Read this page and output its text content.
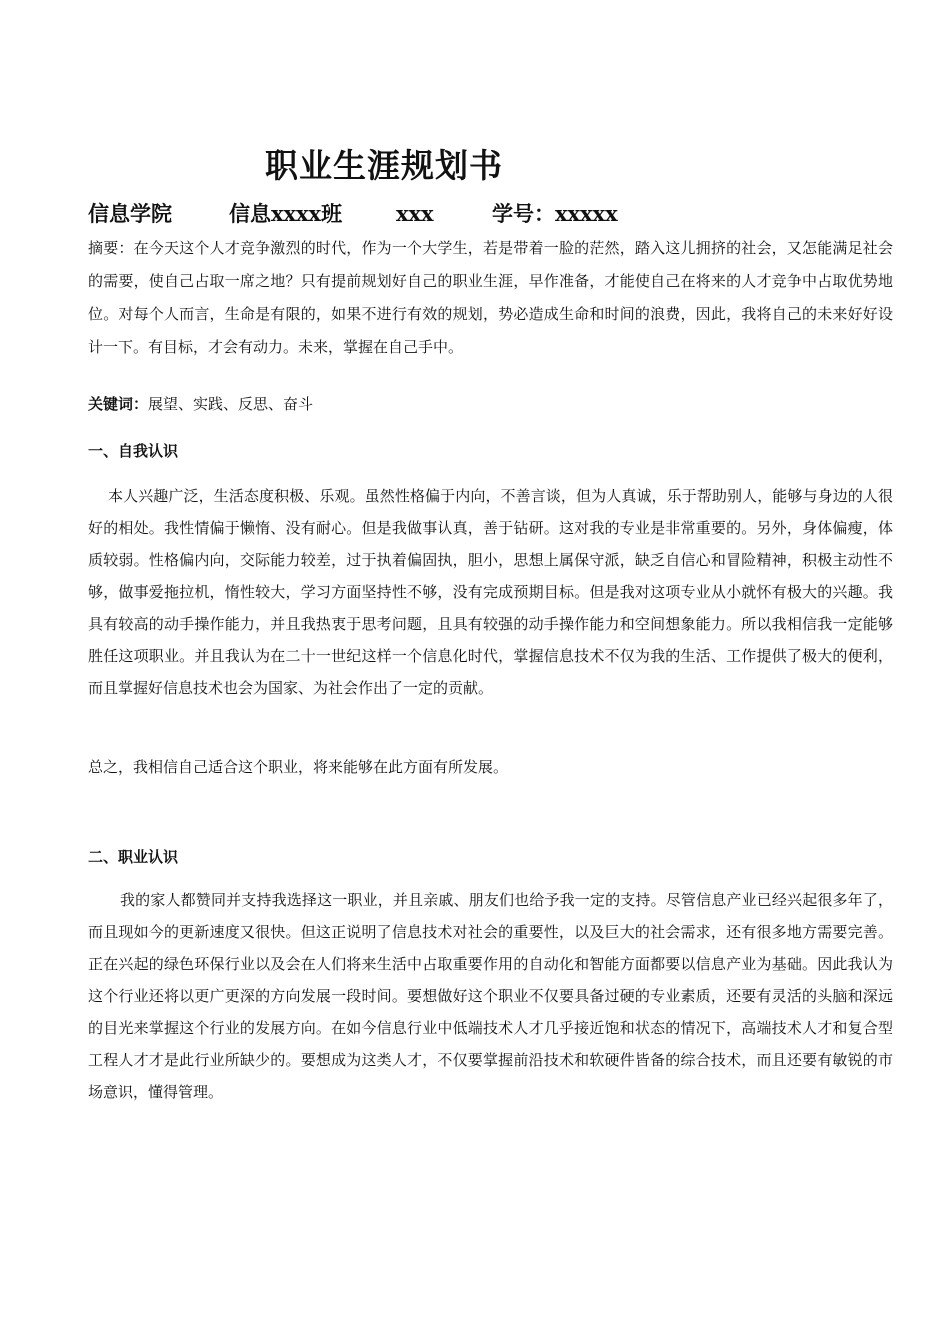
职业生涯规划书
信息学院	信息xxxx班	xxx	学号：xxxxx
摘要：在今天这个人才竞争激烈的时代，作为一个大学生，若是带着一脸的茫然，踏入这儿拥挤的社会，又怎能满足社会的需要，使自己占取一席之地？只有提前规划好自己的职业生涯，早作准备，才能使自己在将来的人才竞争中占取优势地位。对每个人而言，生命是有限的，如果不进行有效的规划，势必造成生命和时间的浪费，因此，我将自己的未来好好设计一下。有目标，才会有动力。未来，掌握在自己手中。
关键词：展望、实践、反思、奋斗
一、自我认识
本人兴趣广泛，生活态度积极、乐观。虽然性格偏于内向，不善言谈，但为人真诚，乐于帮助别人，能够与身边的人很好的相处。我性情偏于懒惰、没有耐心。但是我做事认真，善于钻研。这对我的专业是非常重要的。另外，身体偏瘦，体质较弱。性格偏内向，交际能力较差，过于执着偏固执，胆小，思想上属保守派，缺乏自信心和冒险精神，积极主动性不够，做事爱拖拉机，惰性较大，学习方面坚持性不够，没有完成预期目标。但是我对这项专业从小就怀有极大的兴趣。我具有较高的动手操作能力，并且我热衷于思考问题，且具有较强的动手操作能力和空间想象能力。所以我相信我一定能够胜任这项职业。并且我认为在二十一世纪这样一个信息化时代，掌握信息技术不仅为我的生活、工作提供了极大的便利，而且掌握好信息技术也会为国家、为社会作出了一定的贡献。
总之，我相信自己适合这个职业，将来能够在此方面有所发展。
二、职业认识
我的家人都赞同并支持我选择这一职业，并且亲戚、朋友们也给予我一定的支持。尽管信息产业已经兴起很多年了，而且现如今的更新速度又很快。但这正说明了信息技术对社会的重要性，以及巨大的社会需求，还有很多地方需要完善。正在兴起的绿色环保行业以及会在人们将来生活中占取重要作用的自动化和智能方面都要以信息产业为基础。因此我认为这个行业还将以更广更深的方向发展一段时间。要想做好这个职业不仅要具备过硬的专业素质，还要有灵活的头脑和深远的目光来掌握这个行业的发展方向。在如今信息行业中低端技术人才几乎接近饱和状态的情况下，高端技术人才和复合型工程人才才是此行业所缺少的。要想成为这类人才，不仅要掌握前沿技术和软硬件皆备的综合技术，而且还要有敏锐的市场意识，懂得管理。
